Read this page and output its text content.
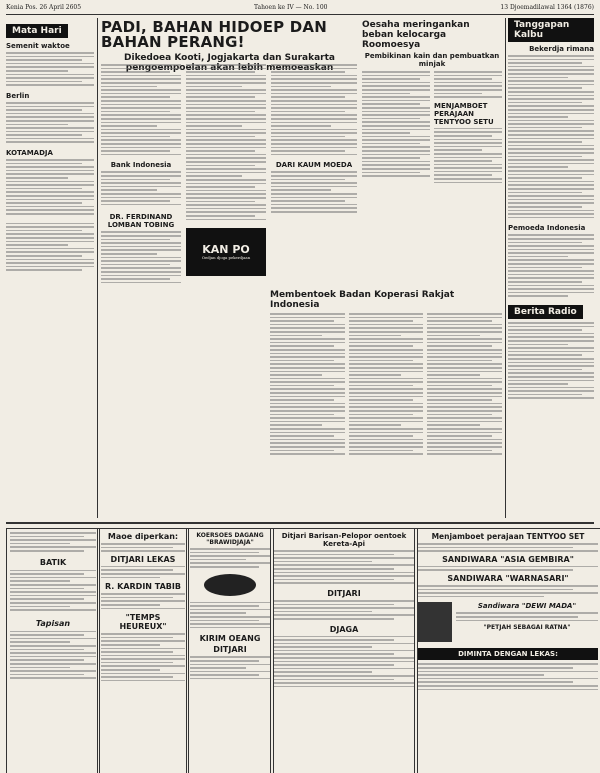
Kenia Pos. 26 April 2605	Tahoen ke IV — No. 100	13 Djoemadilawal 1364 (1876)
Mata Hari
Semenit waktoe
Berlin
KOTAMADJA
PADI, BAHAN HIDOEP DAN BAHAN PERANG!
Dikedoea Kooti, Jogjakarta dan Surakarta
Bank Indonesia
DR. FERDINAND LOMBAN TOBING
KAN PO
Oedjan djoga pekerdjaan
DARI KAUM MOEDA
Oesaha meringankan beban kelocarga Roomoesya
Pembikinan kain dan pembuatkan minjak
MENJAMBOET PERAJAAN TENTYOO SETU
Membentoek Badan Koperasi Rakjat Indonesia
Tanggapan Kalbu
Bekerdja rimana
Pemoeda Indonesia
Berita Radio
BATIK
Tapisan
Maoe diperkan:
DITJARI LEKAS
R. KARDIN TABIB
"TEMPS HEUREUX"
KOERSOES DAGANG "BRAWIDJAJA"
KIRIM OEANG
DITJARI
Ditjari Barisan-Pelopor oentoek Kereta-Api
DITJARI
DJAGA
Menjamboet perajaan TENTYOO SET
SANDIWARA "ASIA GEMBIRA"
SANDIWARA "WARNASARI"
Sandiwara "DEWI MADA"
"PETJAH SEBAGAI RATNA"
DIMINTA DENGAN LEKAS:
